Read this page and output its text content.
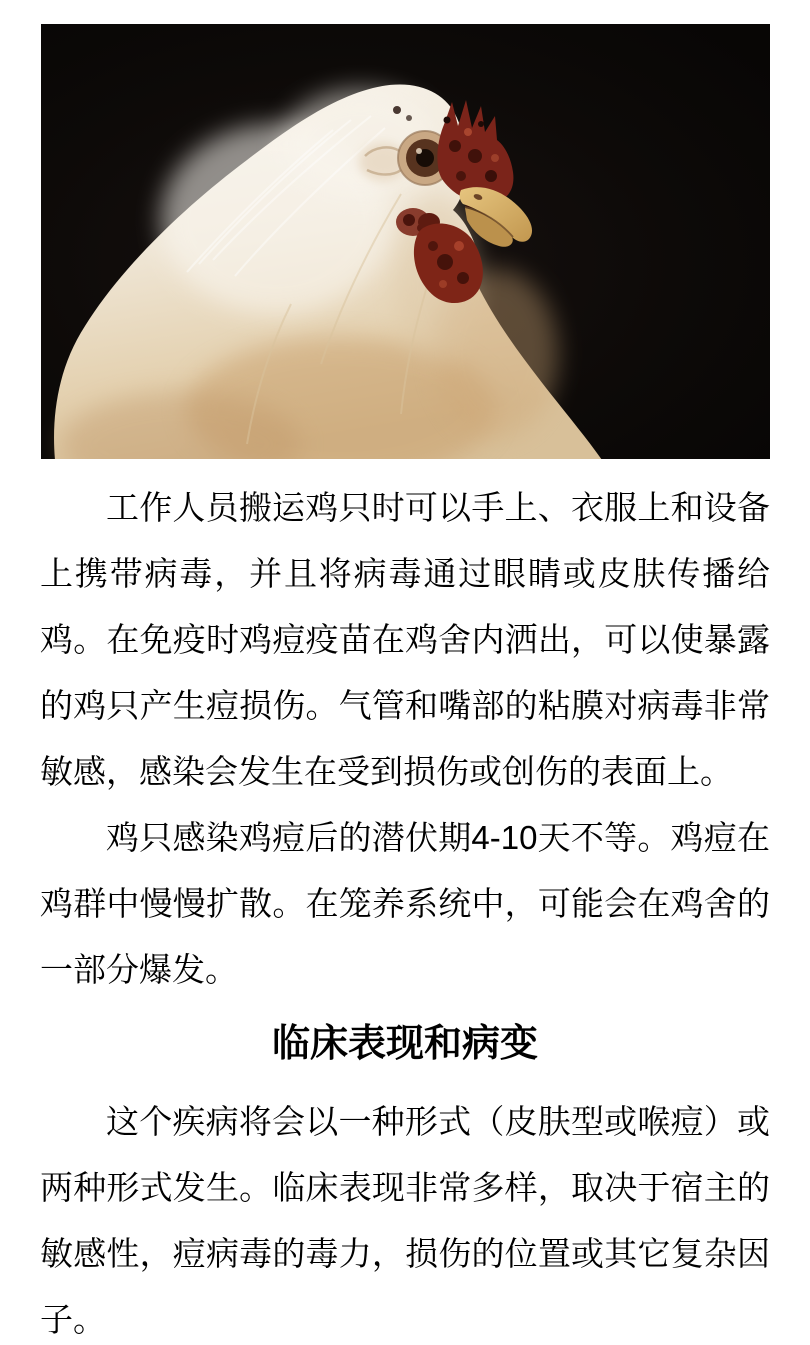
工作人员搬运鸡只时可以手上、衣服上和设备上携带病毒，并且将病毒通过眼睛或皮肤传播给鸡。在免疫时鸡痘疫苗在鸡舍内洒出，可以使暴露的鸡只产生痘损伤。气管和嘴部的粘膜对病毒非常敏感，感染会发生在受到损伤或创伤的表面上。

鸡只感染鸡痘后的潜伏期4-10天不等。鸡痘在鸡群中慢慢扩散。在笼养系统中，可能会在鸡舍的一部分爆发。

临床表现和病变

这个疾病将会以一种形式（皮肤型或喉痘）或两种形式发生。临床表现非常多样，取决于宿主的敏感性，痘病毒的毒力，损伤的位置或其它复杂因子。
